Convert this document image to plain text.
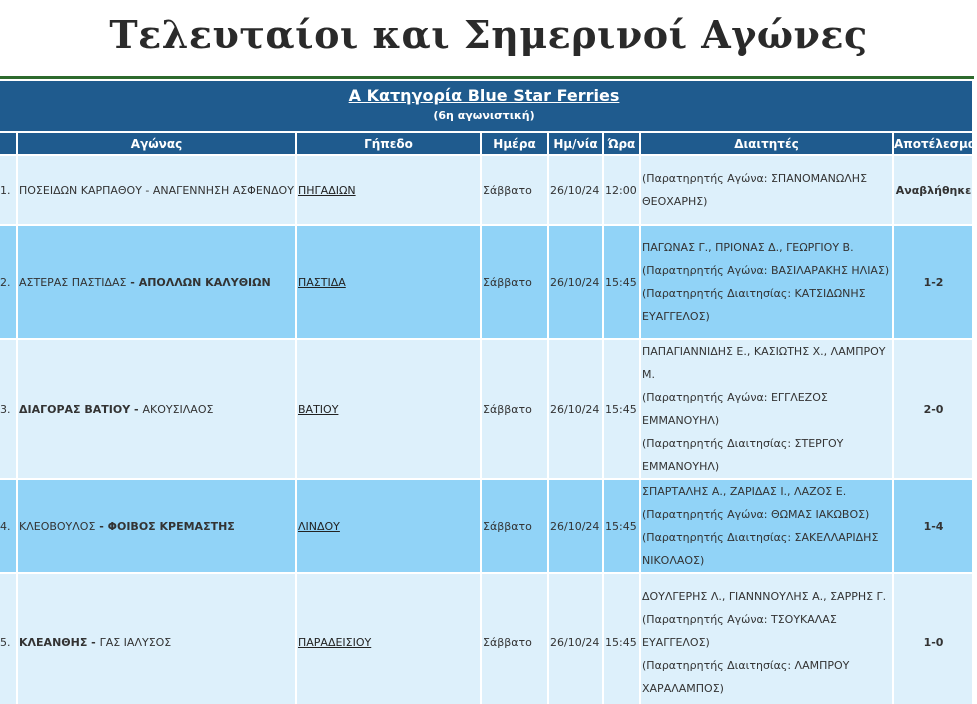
Τελευταίοι και Σημερινοί Αγώνες
Α Κατηγορία Blue Star Ferries
(6η αγωνιστική)							

	Αγώνας	Γήπεδο	Ημέρα	Ημ/νία	Ώρα	Διαιτητές	Αποτέλεσμα
1.	ΠΟΣΕΙΔΩΝ ΚΑΡΠΑΘΟΥ - ΑΝΑΓΕΝΝΗΣΗ ΑΣΦΕΝΔΟΥ	ΠΗΓΑΔΙΩΝ	Σάββατο	26/10/24	12:00	(Παρατηρητής Αγώνα: ΣΠΑΝΟΜΑΝΩΛΗΣ ΘΕΟΧΑΡΗΣ)	Αναβλήθηκε
2.	ΑΣΤΕΡΑΣ ΠΑΣΤΙΔΑΣ - ΑΠΟΛΛΩΝ ΚΑΛΥΘΙΩΝ	ΠΑΣΤΙΔΑ	Σάββατο	26/10/24	15:45	ΠΑΓΩΝΑΣ Γ., ΠΡΙΟΝΑΣ Δ., ΓΕΩΡΓΙΟΥ Β.
(Παρατηρητής Αγώνα: ΒΑΣΙΛΑΡΑΚΗΣ ΗΛΙΑΣ)
(Παρατηρητής Διαιτησίας: ΚΑΤΣΙΔΩΝΗΣ ΕΥΑΓΓΕΛΟΣ)	1-2
3.	ΔΙΑΓΟΡΑΣ ΒΑΤΙΟΥ - ΑΚΟΥΣΙΛΑΟΣ	ΒΑΤΙΟΥ	Σάββατο	26/10/24	15:45	ΠΑΠΑΓΙΑΝΝΙΔΗΣ Ε., ΚΑΣΙΩΤΗΣ Χ., ΛΑΜΠΡΟΥ Μ.
(Παρατηρητής Αγώνα: ΕΓΓΛΕΖΟΣ ΕΜΜΑΝΟΥΗΛ)
(Παρατηρητής Διαιτησίας: ΣΤΕΡΓΟΥ ΕΜΜΑΝΟΥΗΛ)	2-0
4.	ΚΛΕΟΒΟΥΛΟΣ - ΦΟΙΒΟΣ ΚΡΕΜΑΣΤΗΣ	ΛΙΝΔΟΥ	Σάββατο	26/10/24	15:45	ΣΠΑΡΤΑΛΗΣ Α., ΖΑΡΙΔΑΣ Ι., ΛΑΖΟΣ Ε.
(Παρατηρητής Αγώνα: ΘΩΜΑΣ ΙΑΚΩΒΟΣ)
(Παρατηρητής Διαιτησίας: ΣΑΚΕΛΛΑΡΙΔΗΣ ΝΙΚΟΛΑΟΣ)	1-4
5.	ΚΛΕΑΝΘΗΣ - ΓΑΣ ΙΑΛΥΣΟΣ	ΠΑΡΑΔΕΙΣΙΟΥ	Σάββατο	26/10/24	15:45	ΔΟΥΛΓΕΡΗΣ Λ., ΓΙΑΝΝΝΟΥΛΗΣ Α., ΣΑΡΡΗΣ Γ.
(Παρατηρητής Αγώνα: ΤΣΟΥΚΑΛΑΣ ΕΥΑΓΓΕΛΟΣ)
(Παρατηρητής Διαιτησίας: ΛΑΜΠΡΟΥ ΧΑΡΑΛΑΜΠΟΣ)	1-0
